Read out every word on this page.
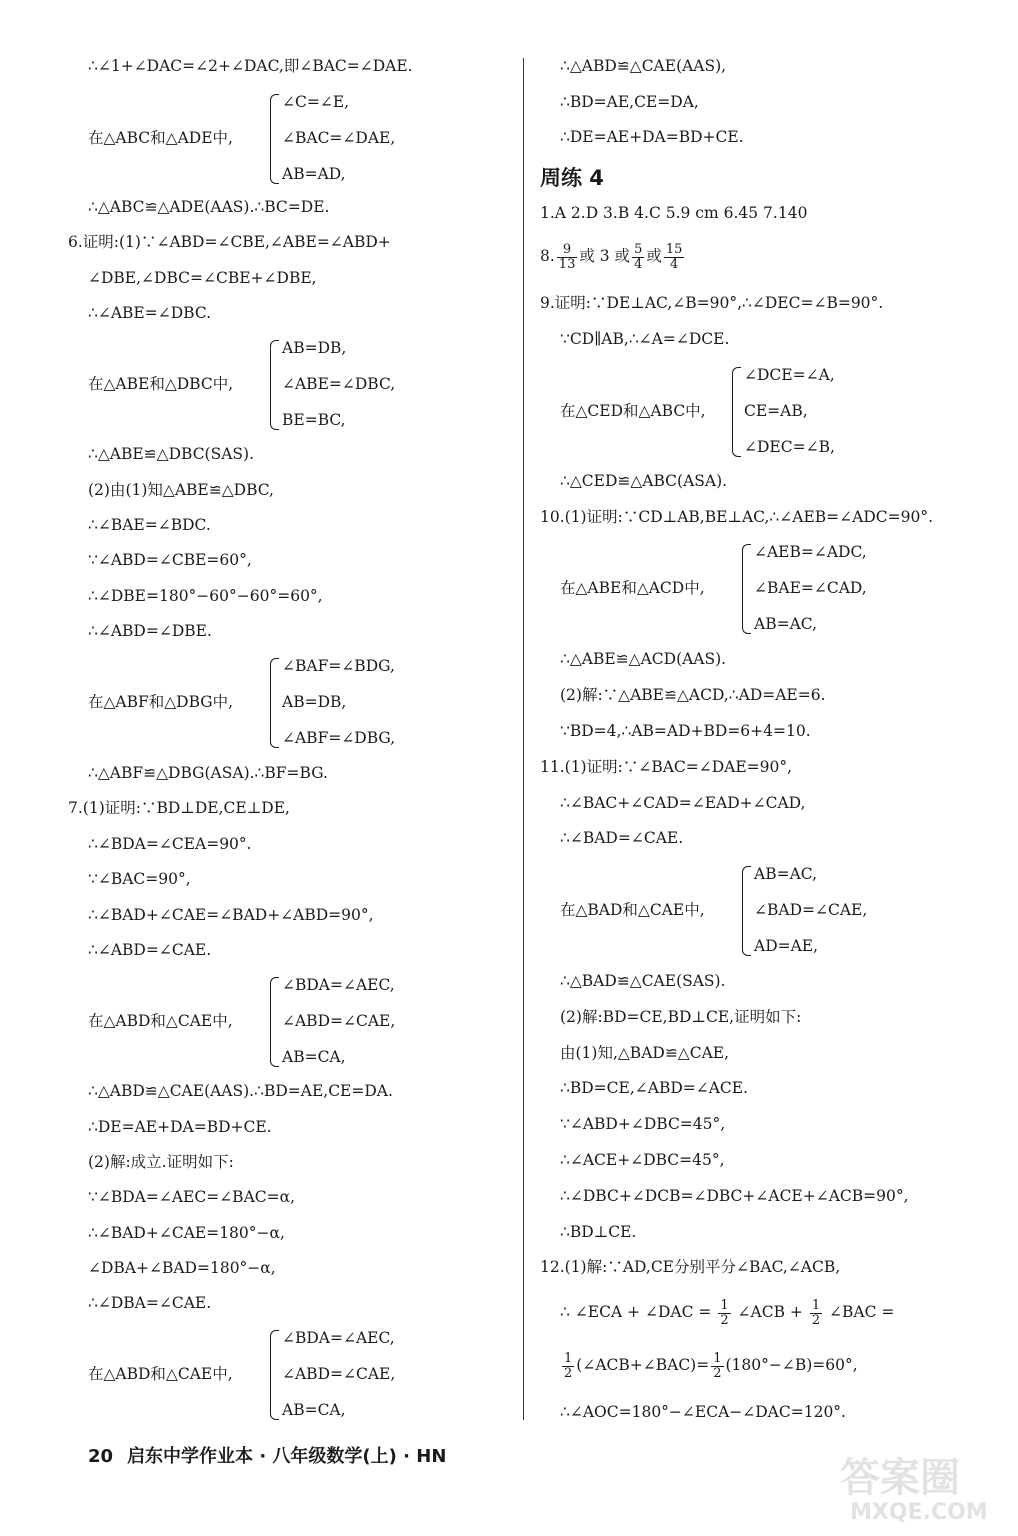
∴∠1+∠DAC=∠2+∠DAC,即∠BAC=∠DAE.
在△ABC和△ADE中,
∠C=∠E,
∠BAC=∠DAE,
AB=AD,
∴△ABC≌△ADE(AAS).∴BC=DE.
6.证明:(1)∵∠ABD=∠CBE,∠ABE=∠ABD+
∠DBE,∠DBC=∠CBE+∠DBE,
∴∠ABE=∠DBC.
在△ABE和△DBC中,
AB=DB,
∠ABE=∠DBC,
BE=BC,
∴△ABE≌△DBC(SAS).
(2)由(1)知△ABE≌△DBC,
∴∠BAE=∠BDC.
∵∠ABD=∠CBE=60°,
∴∠DBE=180°−60°−60°=60°,
∴∠ABD=∠DBE.
在△ABF和△DBG中,
∠BAF=∠BDG,
AB=DB,
∠ABF=∠DBG,
∴△ABF≌△DBG(ASA).∴BF=BG.
7.(1)证明:∵BD⊥DE,CE⊥DE,
∴∠BDA=∠CEA=90°.
∵∠BAC=90°,
∴∠BAD+∠CAE=∠BAD+∠ABD=90°,
∴∠ABD=∠CAE.
在△ABD和△CAE中,
∠BDA=∠AEC,
∠ABD=∠CAE,
AB=CA,
∴△ABD≌△CAE(AAS).∴BD=AE,CE=DA.
∴DE=AE+DA=BD+CE.
(2)解:成立.证明如下:
∵∠BDA=∠AEC=∠BAC=α,
∴∠BAD+∠CAE=180°−α,
∠DBA+∠BAD=180°−α,
∴∠DBA=∠CAE.
在△ABD和△CAE中,
∠BDA=∠AEC,
∠ABD=∠CAE,
AB=CA,
∴△ABD≌△CAE(AAS),
∴BD=AE,CE=DA,
∴DE=AE+DA=BD+CE.
周练 4
1.A 2.D 3.B 4.C 5.9 cm 6.45 7.140
8. $\frac{9}{13}$ 或 3 或 $\frac{5}{4}$ 或 $\frac{15}{4}$
9.证明:∵DE⊥AC,∠B=90°,∴∠DEC=∠B=90°.
∵CD∥AB,∴∠A=∠DCE.
在△CED和△ABC中,
∠DCE=∠A,
CE=AB,
∠DEC=∠B,
∴△CED≌△ABC(ASA).
10.(1)证明:∵CD⊥AB,BE⊥AC,∴∠AEB=∠ADC=90°.
在△ABE和△ACD中,
∠AEB=∠ADC,
∠BAE=∠CAD,
AB=AC,
∴△ABE≌△ACD(AAS).
(2)解:∵△ABE≌△ACD,∴AD=AE=6.
∵BD=4,∴AB=AD+BD=6+4=10.
11.(1)证明:∵∠BAC=∠DAE=90°,
∴∠BAC+∠CAD=∠EAD+∠CAD,
∴∠BAD=∠CAE.
在△BAD和△CAE中,
AB=AC,
∠BAD=∠CAE,
AD=AE,
∴△BAD≌△CAE(SAS).
(2)解:BD=CE,BD⊥CE,证明如下:
由(1)知,△BAD≌△CAE,
∴BD=CE,∠ABD=∠ACE.
∵∠ABD+∠DBC=45°,
∴∠ACE+∠DBC=45°,
∴∠DBC+∠DCB=∠DBC+∠ACE+∠ACB=90°,
∴BD⊥CE.
12.(1)解:∵AD,CE分别平分∠BAC,∠ACB,
∴ ∠ECA + ∠DAC = $\frac{1}{2}$ ∠ACB + $\frac{1}{2}$ ∠BAC =
$\frac{1}{2}$ (∠ACB+∠BAC)= $\frac{1}{2}$ (180°−∠B)=60°,
∴∠AOC=180°−∠ECA−∠DAC=120°.
20 启东中学作业本 · 八年级数学(上) · HN	答案圈
MXQE.COM
